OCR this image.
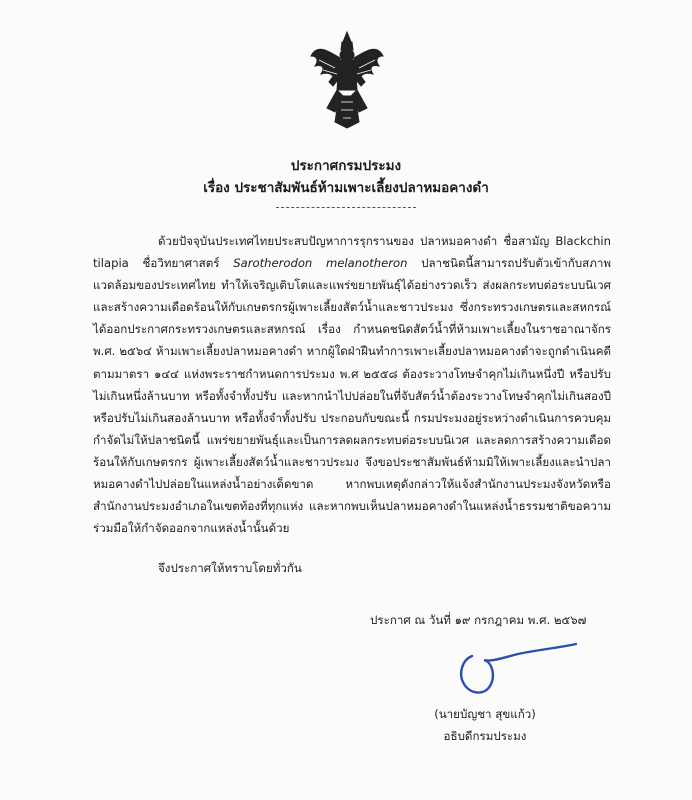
ประกาศกรมประมง
เรื่อง ประชาสัมพันธ์ห้ามเพาะเลี้ยงปลาหมอคางดำ

ด้วยปัจจุบันประเทศไทยประสบปัญหาการรุกรานของ ปลาหมอคางดำ ชื่อสามัญ Blackchin tilapia ชื่อวิทยาศาสตร์ Sarotherodon melanotheron ปลาชนิดนี้สามารถปรับตัวเข้ากับสภาพแวดล้อมของประเทศไทย ทำให้เจริญเติบโตและแพร่ขยายพันธุ์ได้อย่างรวดเร็ว ส่งผลกระทบต่อระบบนิเวศและสร้างความเดือดร้อนให้กับเกษตรกรผู้เพาะเลี้ยงสัตว์น้ำและชาวประมง ซึ่งกระทรวงเกษตรและสหกรณ์ ได้ออกประกาศกระทรวงเกษตรและสหกรณ์ เรื่อง กำหนดชนิดสัตว์น้ำที่ห้ามเพาะเลี้ยงในราชอาณาจักร พ.ศ. ๒๕๖๔ ห้ามเพาะเลี้ยงปลาหมอคางดำ หากผู้ใดฝ่าฝืนทำการเพาะเลี้ยงปลาหมอคางดำจะถูกดำเนินคดีตามมาตรา ๑๔๔ แห่งพระราชกำหนดการประมง พ.ศ ๒๕๕๘ ต้องระวางโทษจำคุกไม่เกินหนึ่งปี หรือปรับไม่เกินหนึ่งล้านบาท หรือทั้งจำทั้งปรับ และหากนำไปปล่อยในที่จับสัตว์น้ำต้องระวางโทษจำคุกไม่เกินสองปี หรือปรับไม่เกินสองล้านบาท หรือทั้งจำทั้งปรับ ประกอบกับขณะนี้ กรมประมงอยู่ระหว่างดำเนินการควบคุมกำจัดไม่ให้ปลาชนิดนี้ แพร่ขยายพันธุ์และเป็นการลดผลกระทบต่อระบบนิเวศ และลดการสร้างความเดือดร้อนให้กับเกษตรกร ผู้เพาะเลี้ยงสัตว์น้ำและชาวประมง จึงขอประชาสัมพันธ์ห้ามมิให้เพาะเลี้ยงและนำปลาหมอคางดำไปปล่อยในแหล่งน้ำอย่างเด็ดขาด หากพบเหตุดังกล่าวให้แจ้งสำนักงานประมงจังหวัดหรือสำนักงานประมงอำเภอในเขตท้องที่ทุกแห่ง และหากพบเห็นปลาหมอคางดำในแหล่งน้ำธรรมชาติขอความร่วมมือให้กำจัดออกจากแหล่งน้ำนั้นด้วย

จึงประกาศให้ทราบโดยทั่วกัน
ประกาศ ณ วันที่ ๑๙ กรกฎาคม พ.ศ. ๒๕๖๗
(นายบัญชา สุขแก้ว)
อธิบดีกรมประมง
